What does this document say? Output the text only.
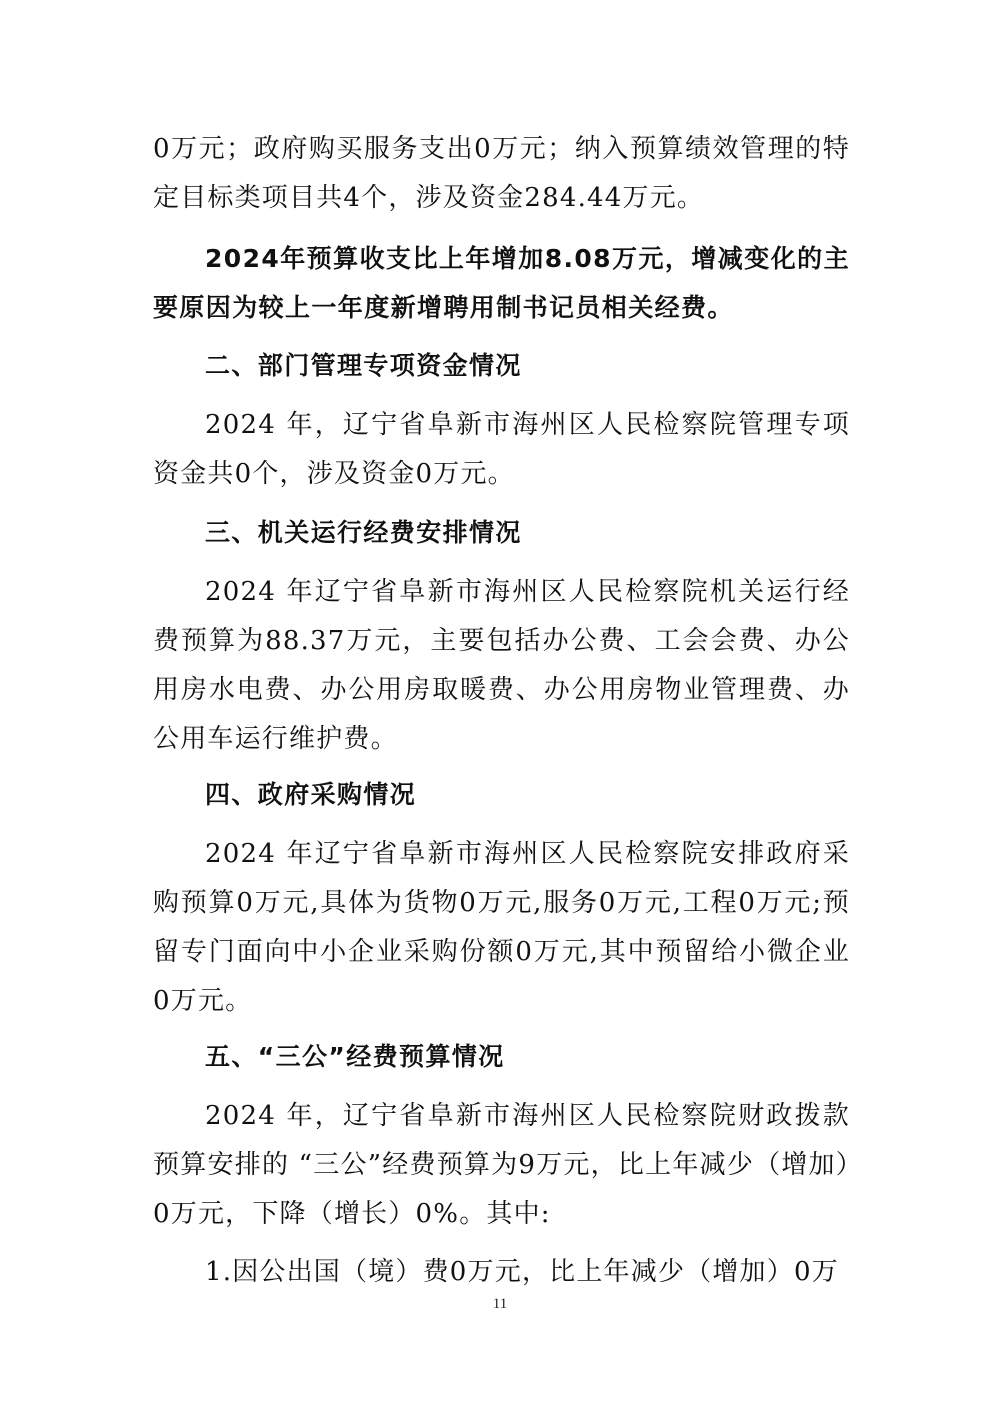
0万元；政府购买服务支出0万元；纳入预算绩效管理的特定目标类项目共4个，涉及资金284.44万元。

2024年预算收支比上年增加8.08万元，增减变化的主要原因为较上一年度新增聘用制书记员相关经费。

二、部门管理专项资金情况

2024 年，辽宁省阜新市海州区人民检察院管理专项资金共0个，涉及资金0万元。

三、机关运行经费安排情况

2024 年辽宁省阜新市海州区人民检察院机关运行经费预算为88.37万元，主要包括办公费、工会会费、办公用房水电费、办公用房取暖费、办公用房物业管理费、办公用车运行维护费。

四、政府采购情况

2024 年辽宁省阜新市海州区人民检察院安排政府采购预算0万元,具体为货物0万元,服务0万元,工程0万元;预留专门面向中小企业采购份额0万元,其中预留给小微企业0万元。

五、“三公”经费预算情况

2024 年，辽宁省阜新市海州区人民检察院财政拨款预算安排的 “三公”经费预算为9万元，比上年减少（增加）0万元，下降（增长）0%。其中:

1.因公出国（境）费0万元，比上年减少（增加）0万

11
